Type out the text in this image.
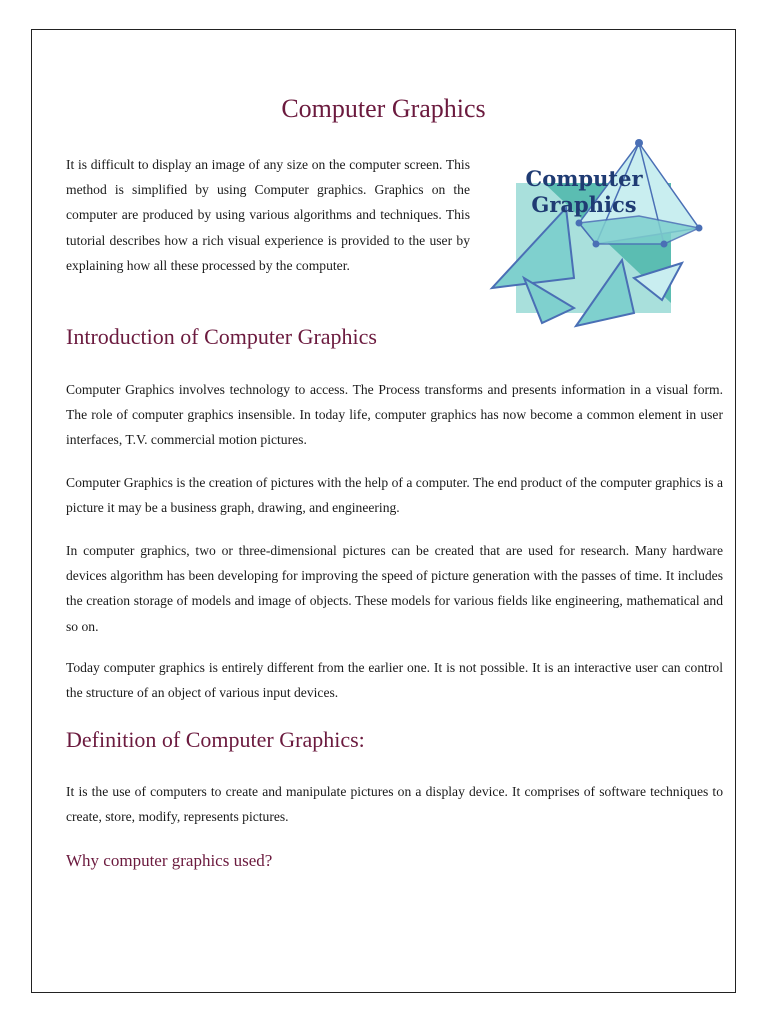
Computer Graphics

It is difficult to display an image of any size on the computer screen. This method is simplified by using Computer graphics. Graphics on the computer are produced by using various algorithms and techniques. This tutorial describes how a rich visual experience is provided to the user by explaining how all these processed by the computer.

Computer
Graphics
Introduction of Computer Graphics

Computer Graphics involves technology to access. The Process transforms and presents information in a visual form. The role of computer graphics insensible. In today life, computer graphics has now become a common element in user interfaces, T.V. commercial motion pictures.

Computer Graphics is the creation of pictures with the help of a computer. The end product of the computer graphics is a picture it may be a business graph, drawing, and engineering.

In computer graphics, two or three-dimensional pictures can be created that are used for research. Many hardware devices algorithm has been developing for improving the speed of picture generation with the passes of time. It includes the creation storage of models and image of objects. These models for various fields like engineering, mathematical and so on.

Today computer graphics is entirely different from the earlier one. It is not possible. It is an interactive user can control the structure of an object of various input devices.

Definition of Computer Graphics:

It is the use of computers to create and manipulate pictures on a display device. It comprises of software techniques to create, store, modify, represents pictures.

Why computer graphics used?
